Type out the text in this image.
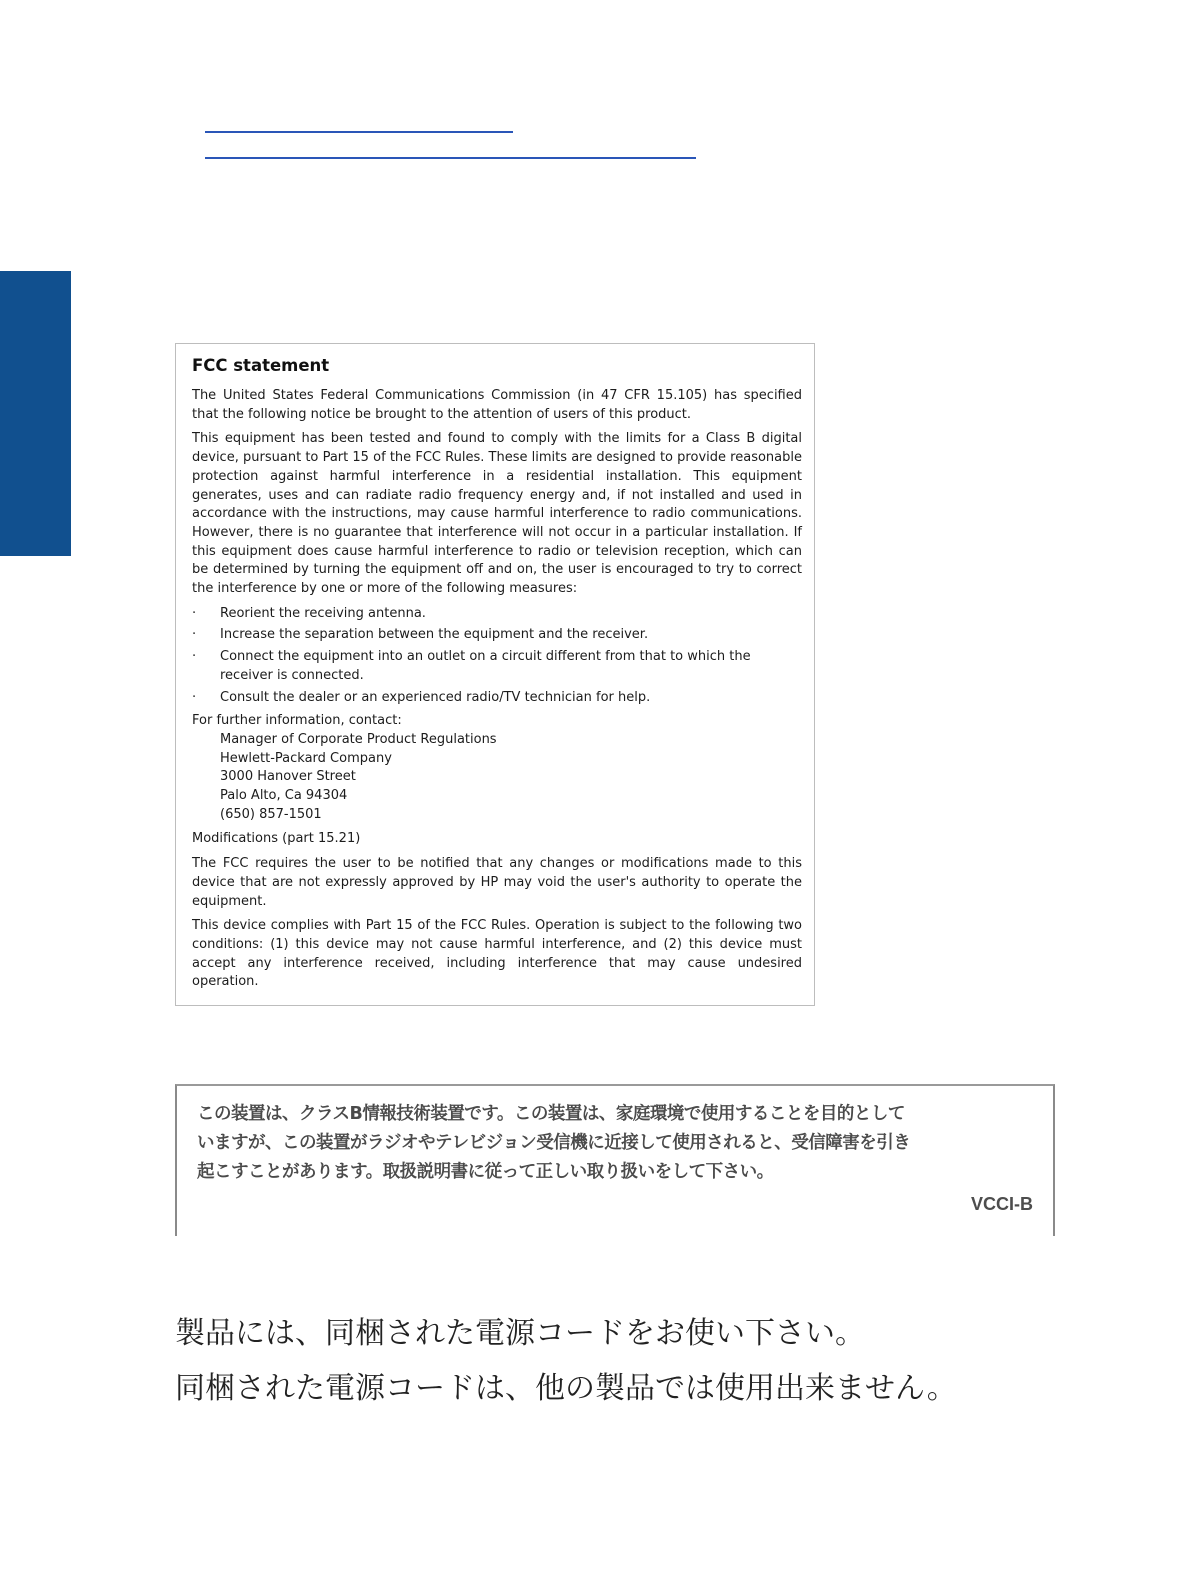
FCC statement

The United States Federal Communications Commission (in 47 CFR 15.105) has specified that the following notice be brought to the attention of users of this product.

This equipment has been tested and found to comply with the limits for a Class B digital device, pursuant to Part 15 of the FCC Rules. These limits are designed to provide reasonable protection against harmful interference in a residential installation. This equipment generates, uses and can radiate radio frequency energy and, if not installed and used in accordance with the instructions, may cause harmful interference to radio communications. However, there is no guarantee that interference will not occur in a particular installation. If this equipment does cause harmful interference to radio or television reception, which can be determined by turning the equipment off and on, the user is encouraged to try to correct the interference by one or more of the following measures:

· Reorient the receiving antenna.
· Increase the separation between the equipment and the receiver.
· Connect the equipment into an outlet on a circuit different from that to which the receiver is connected.
· Consult the dealer or an experienced radio/TV technician for help.

For further information, contact:

Manager of Corporate Product Regulations
Hewlett-Packard Company
3000 Hanover Street
Palo Alto, Ca 94304
(650) 857-1501

Modifications (part 15.21)

The FCC requires the user to be notified that any changes or modifications made to this device that are not expressly approved by HP may void the user's authority to operate the equipment.

This device complies with Part 15 of the FCC Rules. Operation is subject to the following two conditions: (1) this device may not cause harmful interference, and (2) this device must accept any interference received, including interference that may cause undesired operation.

この装置は、クラスB情報技術装置です。この装置は、家庭環境で使用することを目的として
いますが、この装置がラジオやテレビジョン受信機に近接して使用されると、受信障害を引き
起こすことがあります。取扱説明書に従って正しい取り扱いをして下さい。
VCCI-B
製品には、同梱された電源コードをお使い下さい。
同梱された電源コードは、他の製品では使用出来ません。
